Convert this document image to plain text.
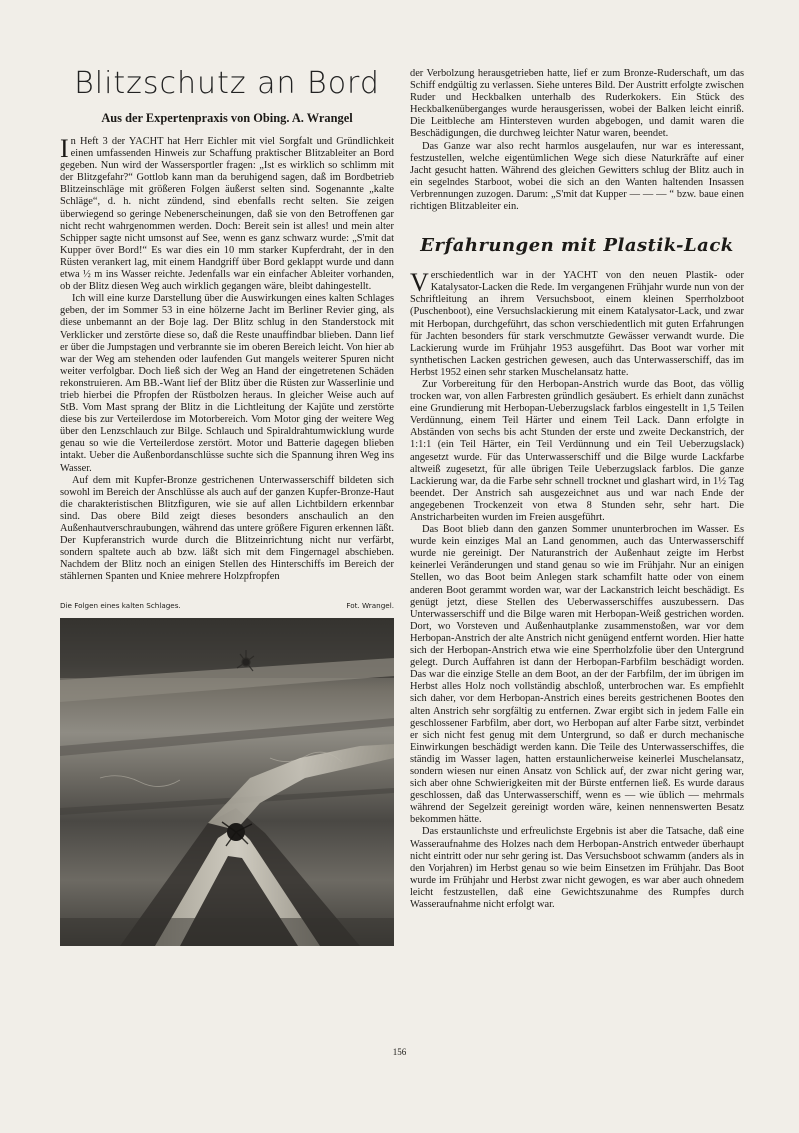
Blitzschutz an Bord
Aus der Expertenpraxis von Obing. A. Wrangel

In Heft 3 der YACHT hat Herr Eichler mit viel Sorgfalt und Gründlichkeit einen umfassenden Hinweis zur Schaffung praktischer Blitzableiter an Bord gegeben. Nun wird der Wassersportler fragen: „Ist es wirklich so schlimm mit der Blitzgefahr?“ Gottlob kann man da beruhigend sagen, daß im Bordbetrieb Blitzeinschläge mit größeren Folgen äußerst selten sind. Sogenannte „kalte Schläge“, d. h. nicht zündend, sind ebenfalls recht selten. Sie zeigen überwiegend so geringe Nebenerscheinungen, daß sie von den Betroffenen gar nicht recht wahrgenommen werden. Doch: Bereit sein ist alles! und mein alter Schipper sagte nicht umsonst auf See, wenn es ganz schwarz wurde: „S'mit dat Kupper över Bord!“ Es war dies ein 10 mm starker Kupferdraht, der in den Rüsten verankert lag, mit einem Handgriff über Bord geklappt wurde und dann etwa ½ m ins Wasser reichte. Jedenfalls war ein einfacher Ableiter vorhanden, ob der Blitz diesen Weg auch wirklich gegangen wäre, bleibt dahingestellt.

Ich will eine kurze Darstellung über die Auswirkungen eines kalten Schlages geben, der im Sommer 53 in eine hölzerne Jacht im Berliner Revier ging, als diese unbemannt an der Boje lag. Der Blitz schlug in den Standerstock mit Verklicker und zerstörte diese so, daß die Reste unauffindbar blieben. Dann lief er über die Jumpstagen und verbrannte sie im oberen Bereich leicht. Von hier ab war der Weg am stehenden oder laufenden Gut mangels weiterer Spuren nicht weiter verfolgbar. Doch ließ sich der Weg an Hand der eingetretenen Schäden rekonstruieren. Am BB.-Want lief der Blitz über die Rüsten zur Wasserlinie und trieb hierbei die Pfropfen der Rüstbolzen heraus. In gleicher Weise auch auf StB. Vom Mast sprang der Blitz in die Lichtleitung der Kajüte und zerstörte diese bis zur Verteilerdose im Motorbereich. Vom Motor ging der weitere Weg über den Lenzschlauch zur Bilge. Schlauch und Spiraldrahtumwicklung wurde genau so wie die Verteilerdose zerstört. Motor und Batterie dagegen blieben intakt. Ueber die Außenbordanschlüsse suchte sich die Spannung ihren Weg ins Wasser.

Auf dem mit Kupfer-Bronze gestrichenen Unterwasserschiff bildeten sich sowohl im Bereich der Anschlüsse als auch auf der ganzen Kupfer-Bronze-Haut die charakteristischen Blitzfiguren, wie sie auf allen Lichtbildern erkennbar sind. Das obere Bild zeigt dieses besonders anschaulich an den Außenhautverschraubungen, während das untere größere Figuren erkennen läßt. Der Kupferanstrich wurde durch die Blitzeinrichtung nicht nur verfärbt, sondern spaltete auch ab bzw. läßt sich mit dem Fingernagel abschieben. Nachdem der Blitz noch an einigen Stellen des Hinterschiffs im Bereich der stählernen Spanten und Kniee mehrere Holzpfropfen

Die Folgen eines kalten Schlages.	Fot. Wrangel.

der Verbolzung herausgetrieben hatte, lief er zum Bronze-Ruderschaft, um das Schiff endgültig zu verlassen. Siehe unteres Bild. Der Austritt erfolgte zwischen Ruder und Heckbalken unterhalb des Ruderkokers. Ein Stück des Heckbalkenüberganges wurde herausgerissen, wobei der Balken leicht einriß. Die Leitbleche am Hintersteven wurden abgebogen, und damit waren die Beschädigungen, die durchweg leichter Natur waren, beendet.

Das Ganze war also recht harmlos ausgelaufen, nur war es interessant, festzustellen, welche eigentümlichen Wege sich diese Naturkräfte auf einer Jacht gesucht hatten. Während des gleichen Gewitters schlug der Blitz auch in ein segelndes Starboot, wobei die sich an den Wanten haltenden Insassen Verbrennungen zuzogen. Darum: „S'mit dat Kupper — — — “ bzw. baue einen richtigen Blitzableiter ein.

Erfahrungen mit Plastik-Lack

Verschiedentlich war in der YACHT von den neuen Plastik- oder Katalysator-Lacken die Rede. Im vergangenen Frühjahr wurde nun von der Schriftleitung an ihrem Versuchsboot, einem kleinen Sperrholzboot (Puschenboot), eine Versuchslackierung mit einem Katalysator-Lack, und zwar mit Herbopan, durchgeführt, das schon verschiedentlich mit guten Erfahrungen für Jachten besonders für stark verschmutzte Gewässer verwandt wurde. Die Lackierung wurde im Frühjahr 1953 ausgeführt. Das Boot war vorher mit synthetischen Lacken gestrichen gewesen, auch das Unterwasserschiff, das im Herbst 1952 einen sehr starken Muschelansatz hatte.

Zur Vorbereitung für den Herbopan-Anstrich wurde das Boot, das völlig trocken war, von allen Farbresten gründlich gesäubert. Es erhielt dann zunächst eine Grundierung mit Herbopan-Ueberzugslack farblos eingestellt in 1,5 Teilen Verdünnung, einem Teil Härter und einem Teil Lack. Dann erfolgte in Abständen von sechs bis acht Stunden der erste und zweite Deckanstrich, der 1:1:1 (ein Teil Härter, ein Teil Verdünnung und ein Teil Ueberzugslack) angesetzt wurde. Für das Unterwasserschiff und die Bilge wurde Lackfarbe altweiß zugesetzt, für alle übrigen Teile Ueberzugslack farblos. Die ganze Lackierung war, da die Farbe sehr schnell trocknet und glashart wird, in 1½ Tag beendet. Der Anstrich sah ausgezeichnet aus und war nach Ende der angegebenen Trockenzeit von etwa 8 Stunden sehr, sehr hart. Die Anstricharbeiten wurden im Freien ausgeführt.

Das Boot blieb dann den ganzen Sommer ununterbrochen im Wasser. Es wurde kein einziges Mal an Land genommen, auch das Unterwasserschiff wurde nie gereinigt. Der Naturanstrich der Außenhaut zeigte im Herbst keinerlei Veränderungen und stand genau so wie im Frühjahr. Nur an einigen Stellen, wo das Boot beim Anlegen stark schamfilt hatte oder von einem anderen Boot gerammt worden war, war der Lackanstrich leicht beschädigt. Es genügt jetzt, diese Stellen des Ueberwasserschiffes auszubessern. Das Unterwasserschiff und die Bilge waren mit Herbopan-Weiß gestrichen worden. Dort, wo Vorsteven und Außenhautplanke zusammenstoßen, war vor dem Herbopan-Anstrich der alte Anstrich nicht genügend entfernt worden. Hier hatte sich der Herbopan-Anstrich etwa wie eine Sperrholzfolie über den Untergrund gelegt. Durch Auffahren ist dann der Herbopan-Farbfilm beschädigt worden. Das war die einzige Stelle an dem Boot, an der der Farbfilm, der im übrigen im Herbst alles Holz noch vollständig abschloß, unterbrochen war. Es empfiehlt sich daher, vor dem Herbopan-Anstrich eines bereits gestrichenen Bootes den alten Anstrich sehr sorgfältig zu entfernen. Zwar ergibt sich in jedem Falle ein geschlossener Farbfilm, aber dort, wo Herbopan auf alter Farbe sitzt, verbindet er sich nicht fest genug mit dem Untergrund, so daß er durch mechanische Einwirkungen beschädigt werden kann. Die Teile des Unterwasserschiffes, die ständig im Wasser lagen, hatten erstaunlicherweise keinerlei Muschelansatz, sondern wiesen nur einen Ansatz von Schlick auf, der zwar nicht gering war, sich aber ohne Schwierigkeiten mit der Bürste entfernen ließ. Es wurde daraus geschlossen, daß das Unterwasserschiff, wenn es — wie üblich — mehrmals während der Segelzeit gereinigt worden wäre, keinen nennenswerten Besatz bekommen hätte.

Das erstaunlichste und erfreulichste Ergebnis ist aber die Tatsache, daß eine Wasseraufnahme des Holzes nach dem Herbopan-Anstrich entweder überhaupt nicht eintritt oder nur sehr gering ist. Das Versuchsboot schwamm (anders als in den Vorjahren) im Herbst genau so wie beim Einsetzen im Frühjahr. Das Boot wurde im Frühjahr und Herbst zwar nicht gewogen, es war aber auch ohnedem leicht festzustellen, daß eine Gewichtszunahme des Rumpfes durch Wasseraufnahme nicht erfolgt war.

156
